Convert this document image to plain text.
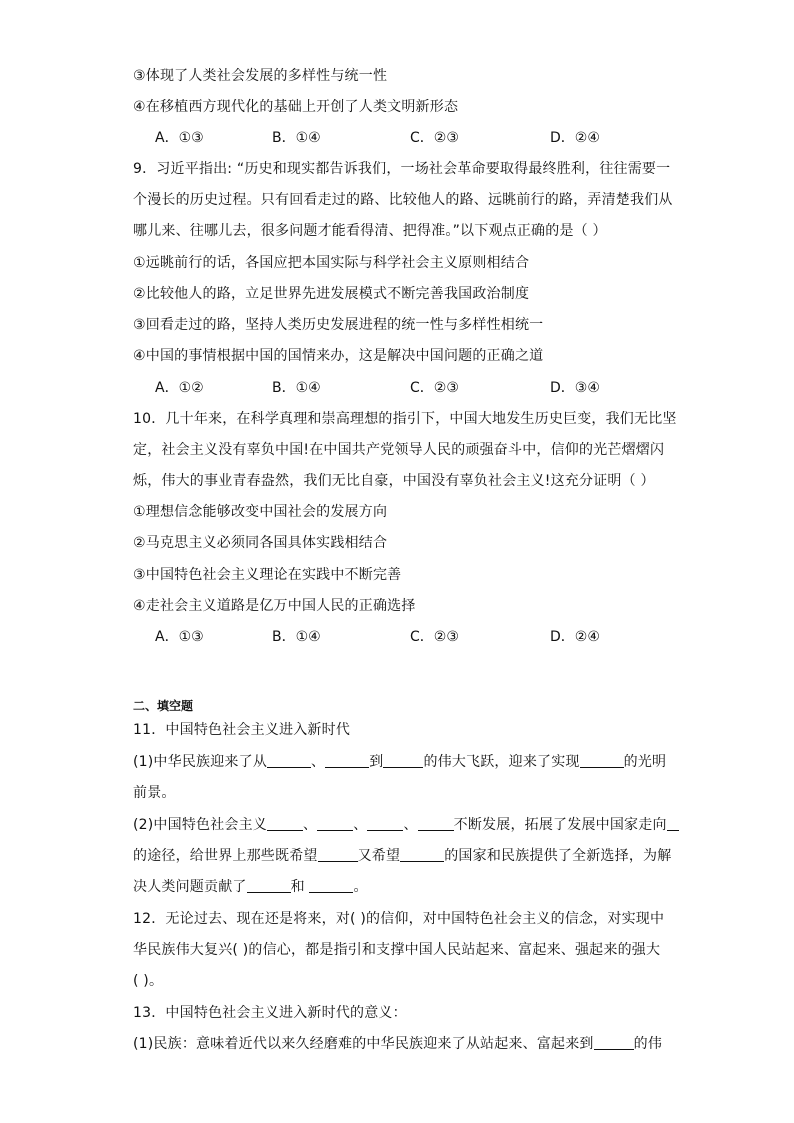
③体现了人类社会发展的多样性与统一性
④在移植西方现代化的基础上开创了人类文明新形态
A．①③	B．①④	C．②③	D．②④
9．习近平指出: “历史和现实都告诉我们，一场社会革命要取得最终胜利，往往需要一
个漫长的历史过程。只有回看走过的路、比较他人的路、远眺前行的路，弄清楚我们从
哪儿来、往哪儿去，很多问题才能看得清、把得准。”以下观点正确的是（ ）
①远眺前行的话，各国应把本国实际与科学社会主义原则相结合
②比较他人的路，立足世界先进发展模式不断完善我国政治制度
③回看走过的路，坚持人类历史发展进程的统一性与多样性相统一
④中国的事情根据中国的国情来办，这是解决中国问题的正确之道
A．①②	B．①④	C．②③	D．③④
10．几十年来，在科学真理和崇高理想的指引下，中国大地发生历史巨变，我们无比坚
定，社会主义没有辜负中国!在中国共产党领导人民的顽强奋斗中，信仰的光芒熠熠闪
烁，伟大的事业青春盎然，我们无比自豪，中国没有辜负社会主义!这充分证明（ ）
①理想信念能够改变中国社会的发展方向
②马克思主义必须同各国具体实践相结合
③中国特色社会主义理论在实践中不断完善
④走社会主义道路是亿万中国人民的正确选择
A．①③	B．①④	C．②③	D．②④
二、填空题
11．中国特色社会主义进入新时代
(1)中华民族迎来了从	、	到	的伟大飞跃，迎来了实现	的光明
前景。
(2)中国特色社会主义	、	、	、	不断发展，拓展了发展中国家走向
的途径，给世界上那些既希望	又希望	的国家和民族提供了全新选择，为解
决人类问题贡献了	和	。
12．无论过去、现在还是将来，对( )的信仰，对中国特色社会主义的信念，对实现中
华民族伟大复兴( )的信心，都是指引和支撑中国人民站起来、富起来、强起来的强大
( )。
13．中国特色社会主义进入新时代的意义：
(1)民族：意味着近代以来久经磨难的中华民族迎来了从站起来、富起来到	的伟
